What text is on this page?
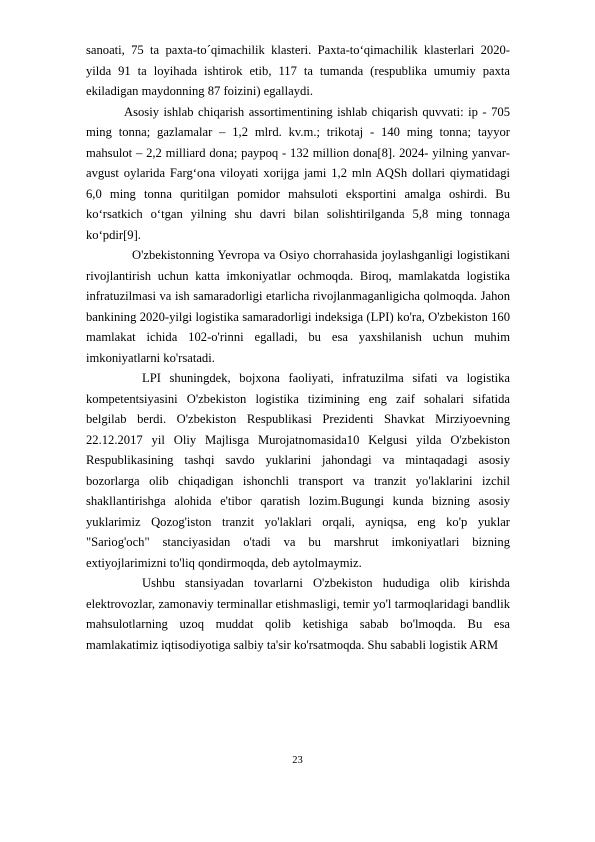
sanoati, 75 ta paxta-to´qimachilik klasteri. Paxta-to‘qimachilik klasterlari 2020-yilda 91 ta loyihada ishtirok etib, 117 ta tumanda (respublika umumiy paxta ekiladigan maydonning 87 foizini) egallaydi.

Asosiy ishlab chiqarish assortimentining ishlab chiqarish quvvati: ip - 705 ming tonna; gazlamalar – 1,2 mlrd. kv.m.; trikotaj - 140 ming tonna; tayyor mahsulot – 2,2 milliard dona; paypoq - 132 million dona[8]. 2024- yilning yanvar-avgust oylarida Farg‘ona viloyati xorijga jami 1,2 mln AQSh dollari qiymatidagi 6,0 ming tonna quritilgan pomidor mahsuloti eksportini amalga oshirdi. Bu ko‘rsatkich o‘tgan yilning shu davri bilan solishtirilganda 5,8 ming tonnaga ko‘pdir[9].

O'zbekistonning Yevropa va Osiyo chorrahasida joylashganligi logistikani rivojlantirish uchun katta imkoniyatlar ochmoqda. Biroq, mamlakatda logistika infratuzilmasi va ish samaradorligi etarlicha rivojlanmaganligicha qolmoqda. Jahon bankining 2020-yilgi logistika samaradorligi indeksiga (LPI) ko'ra, O'zbekiston 160 mamlakat ichida 102-o'rinni egalladi, bu esa yaxshilanish uchun muhim imkoniyatlarni ko'rsatadi.

LPI shuningdek, bojxona faoliyati, infratuzilma sifati va logistika kompetentsiyasini O'zbekiston logistika tizimining eng zaif sohalari sifatida belgilab berdi. O'zbekiston Respublikasi Prezidenti Shavkat Mirziyoevning 22.12.2017 yil Oliy Majlisga Murojatnomasida10 Kelgusi yilda O'zbekiston Respublikasining tashqi savdo yuklarini jahondagi va mintaqadagi asosiy bozorlarga olib chiqadigan ishonchli transport va tranzit yo'laklarini izchil shakllantirishga alohida e'tibor qaratish lozim.Bugungi kunda bizning asosiy yuklarimiz Qozog'iston tranzit yo'laklari orqali, ayniqsa, eng ko'p yuklar "Sariog'och" stanciyasidan o'tadi va bu marshrut imkoniyatlari bizning extiyojlarimizni to'liq qondirmoqda, deb aytolmaymiz.

Ushbu stansiyadan tovarlarni O'zbekiston hududiga olib kirishda elektrovozlar, zamonaviy terminallar etishmasligi, temir yo'l tarmoqlaridagi bandlik mahsulotlarning uzoq muddat qolib ketishiga sabab bo'lmoqda. Bu esa mamlakatimiz iqtisodiyotiga salbiy ta'sir ko'rsatmoqda. Shu sababli logistik ARM

23
